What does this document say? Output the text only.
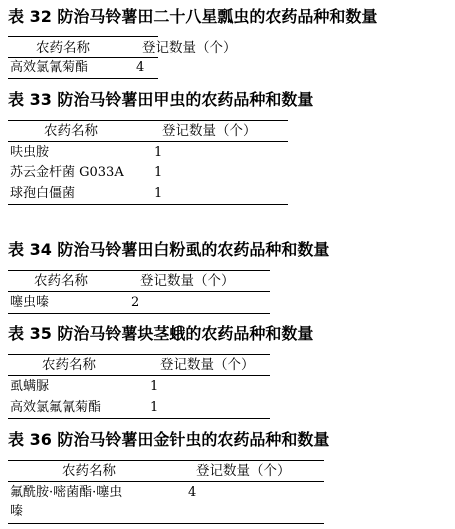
表 32 防治马铃薯田二十八星瓢虫的农药品种和数量
农药名称	登记数量（个）
高效氯氰菊酯	4
表 33 防治马铃薯田甲虫的农药品种和数量
农药名称	登记数量（个）
呋虫胺	1
苏云金杆菌 G033A 1
球孢白僵菌	1
表 34 防治马铃薯田白粉虱的农药品种和数量
农药名称	登记数量（个）
噻虫嗪	2
表 35 防治马铃薯块茎蛾的农药品种和数量
农药名称	登记数量（个）
虱螨脲	1
高效氯氟氰菊酯	1
表 36 防治马铃薯田金针虫的农药品种和数量
农药名称	登记数量（个）
氟酰胺·嘧菌酯·噻虫	4
嗪
